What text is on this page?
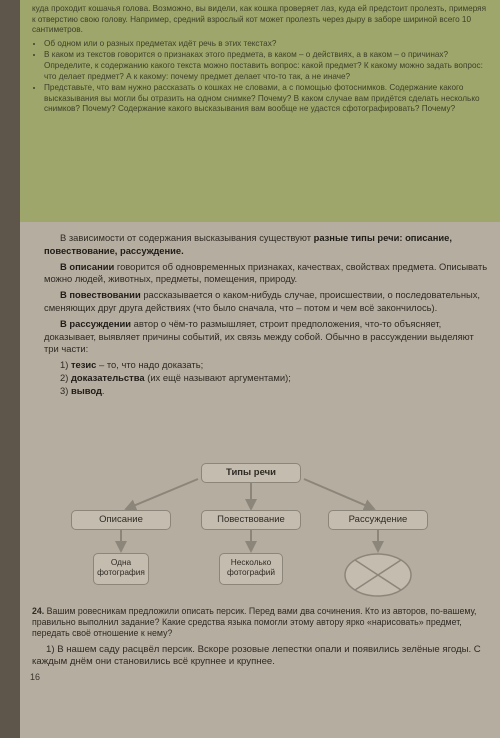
куда проходит кошачья голова. Возможно, вы видели, как кошка проверяет лаз, куда ей предстоит пролезть, примеряя к отверстию свою голову. Например, средний взрослый кот может пролезть через дыру в заборе шириной всего 10 сантиметров.

• Об одном или о разных предметах идёт речь в этих текстах?
• В каком из текстов говорится о признаках этого предмета, в каком – о действиях, а в каком – о причинах? Определите, к содержанию какого текста можно поставить вопрос: какой предмет? К какому можно задать вопрос: что делает предмет? А к какому: почему предмет делает что-то так, а не иначе?
• Представьте, что вам нужно рассказать о кошках не словами, а с помощью фотоснимков. Содержание какого высказывания вы могли бы отразить на одном снимке? Почему? В каком случае вам придётся сделать несколько снимков? Почему? Содержание какого высказывания вам вообще не удастся сфотографировать? Почему?

В зависимости от содержания высказывания существуют разные типы речи: описание, повествование, рассуждение.

В описании говорится об одновременных признаках, качествах, свойствах предмета. Описывать можно людей, животных, предметы, помещения, природу.

В повествовании рассказывается о каком-нибудь случае, происшествии, о последовательных, сменяющих друг друга действиях (что было сначала, что – потом и чем всё закончилось).

В рассуждении автор о чём-то размышляет, строит предположения, что-то объясняет, доказывает, выявляет причины событий, их связь между собой. Обычно в рассуждении выделяют три части:

1) тезис – то, что надо доказать;
2) доказательства (их ещё называют аргументами);
3) вывод.
Типы речи
Описание	Повествование	Рассуждение
Одна фотография
Несколько фотографий

24. Вашим ровесникам предложили описать персик. Перед вами два сочинения. Кто из авторов, по-вашему, правильно выполнил задание? Какие средства языка помогли этому автору ярко «нарисовать» предмет, передать своё отношение к нему?

1) В нашем саду расцвёл персик. Вскоре розовые лепестки опали и появились зелёные ягоды. С каждым днём они становились всё крупнее и крупнее.

16
